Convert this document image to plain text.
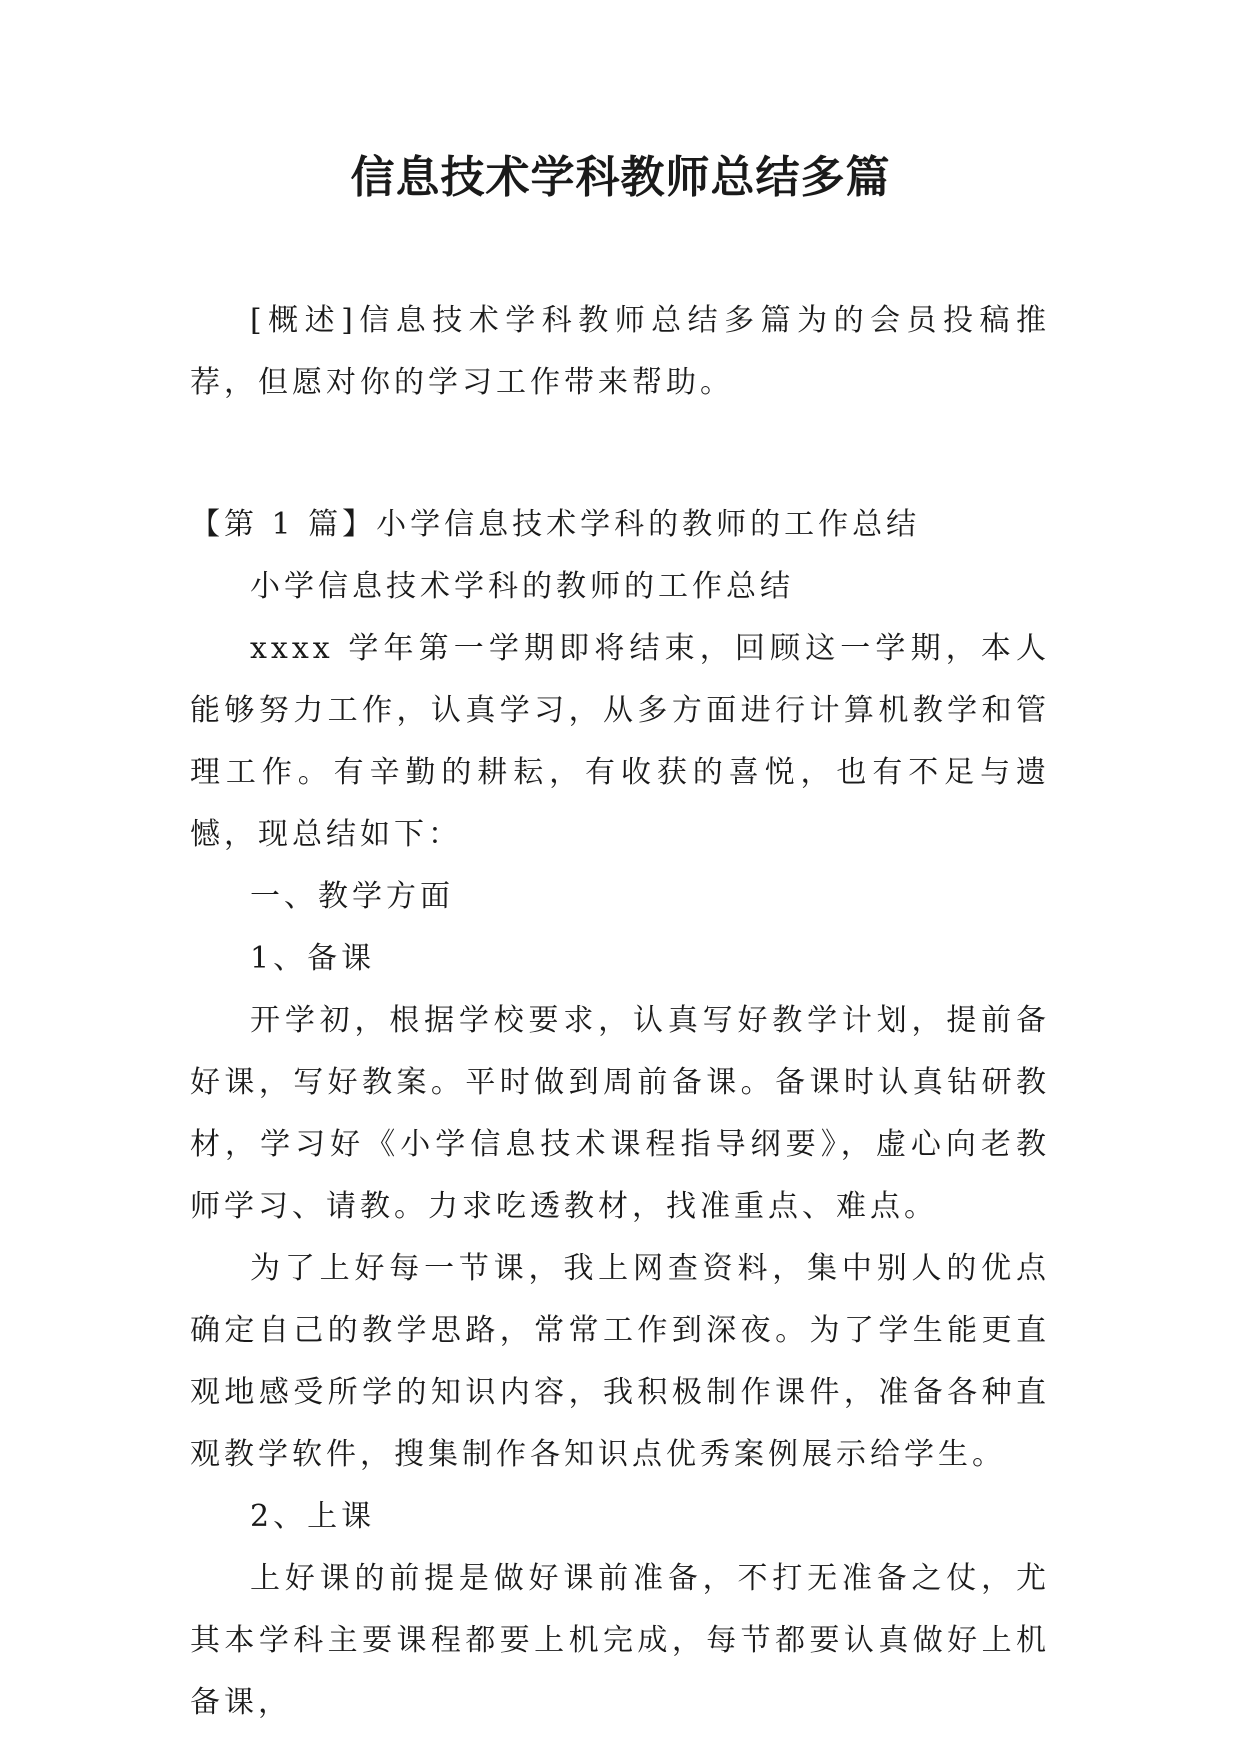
信息技术学科教师总结多篇

[概述]信息技术学科教师总结多篇为的会员投稿推荐，但愿对你的学习工作带来帮助。

【第 1 篇】小学信息技术学科的教师的工作总结

小学信息技术学科的教师的工作总结

xxxx 学年第一学期即将结束，回顾这一学期，本人能够努力工作，认真学习，从多方面进行计算机教学和管理工作。有辛勤的耕耘，有收获的喜悦，也有不足与遗憾，现总结如下：

一、教学方面

1、备课

开学初，根据学校要求，认真写好教学计划，提前备好课，写好教案。平时做到周前备课。备课时认真钻研教材，学习好《小学信息技术课程指导纲要》，虚心向老教师学习、请教。力求吃透教材，找准重点、难点。

为了上好每一节课，我上网查资料，集中别人的优点确定自己的教学思路，常常工作到深夜。为了学生能更直观地感受所学的知识内容，我积极制作课件，准备各种直观教学软件，搜集制作各知识点优秀案例展示给学生。

2、上课

上好课的前提是做好课前准备，不打无准备之仗，尤其本学科主要课程都要上机完成，每节都要认真做好上机备课，
